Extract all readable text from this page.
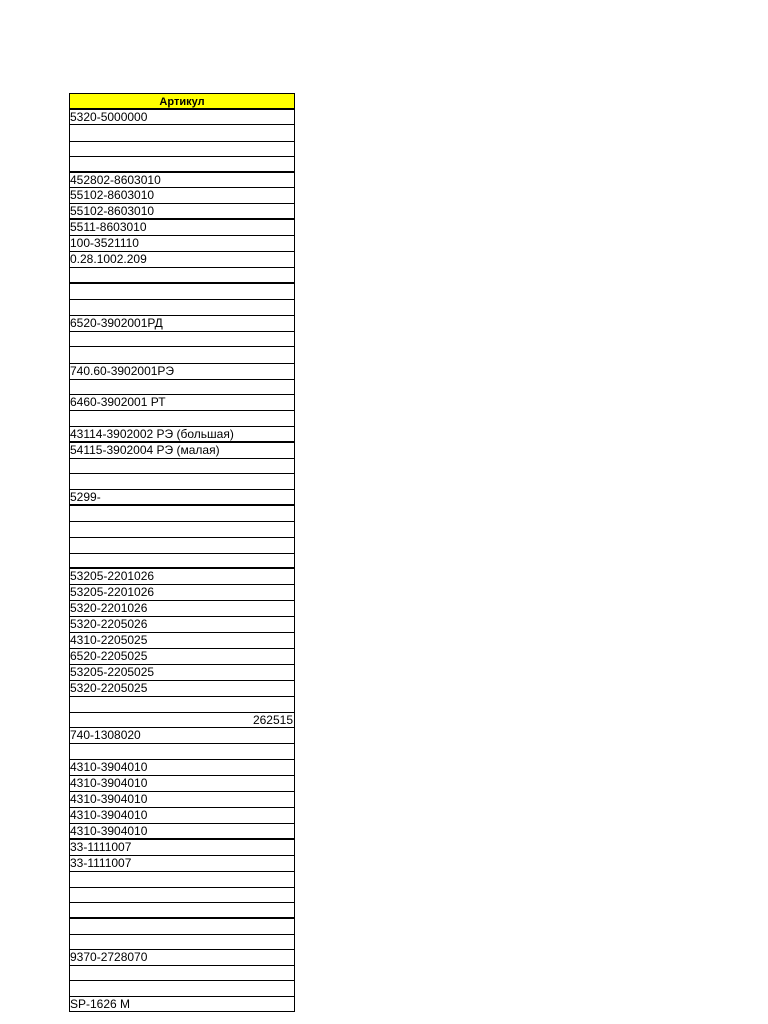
Артикул
5320-5000000
452802-8603010
55102-8603010
55102-8603010
5511-8603010
100-3521110
0.28.1002.209
6520-3902001РД
740.60-3902001РЭ
6460-3902001 РТ
43114-3902002 РЭ (большая)
54115-3902004 РЭ (малая)
5299-
53205-2201026
53205-2201026
5320-2201026
5320-2205026
4310-2205025
6520-2205025
53205-2205025
5320-2205025
262515
740-1308020
4310-3904010
4310-3904010
4310-3904010
4310-3904010
4310-3904010
33-1111007
33-1111007
9370-2728070
SP-1626 M
